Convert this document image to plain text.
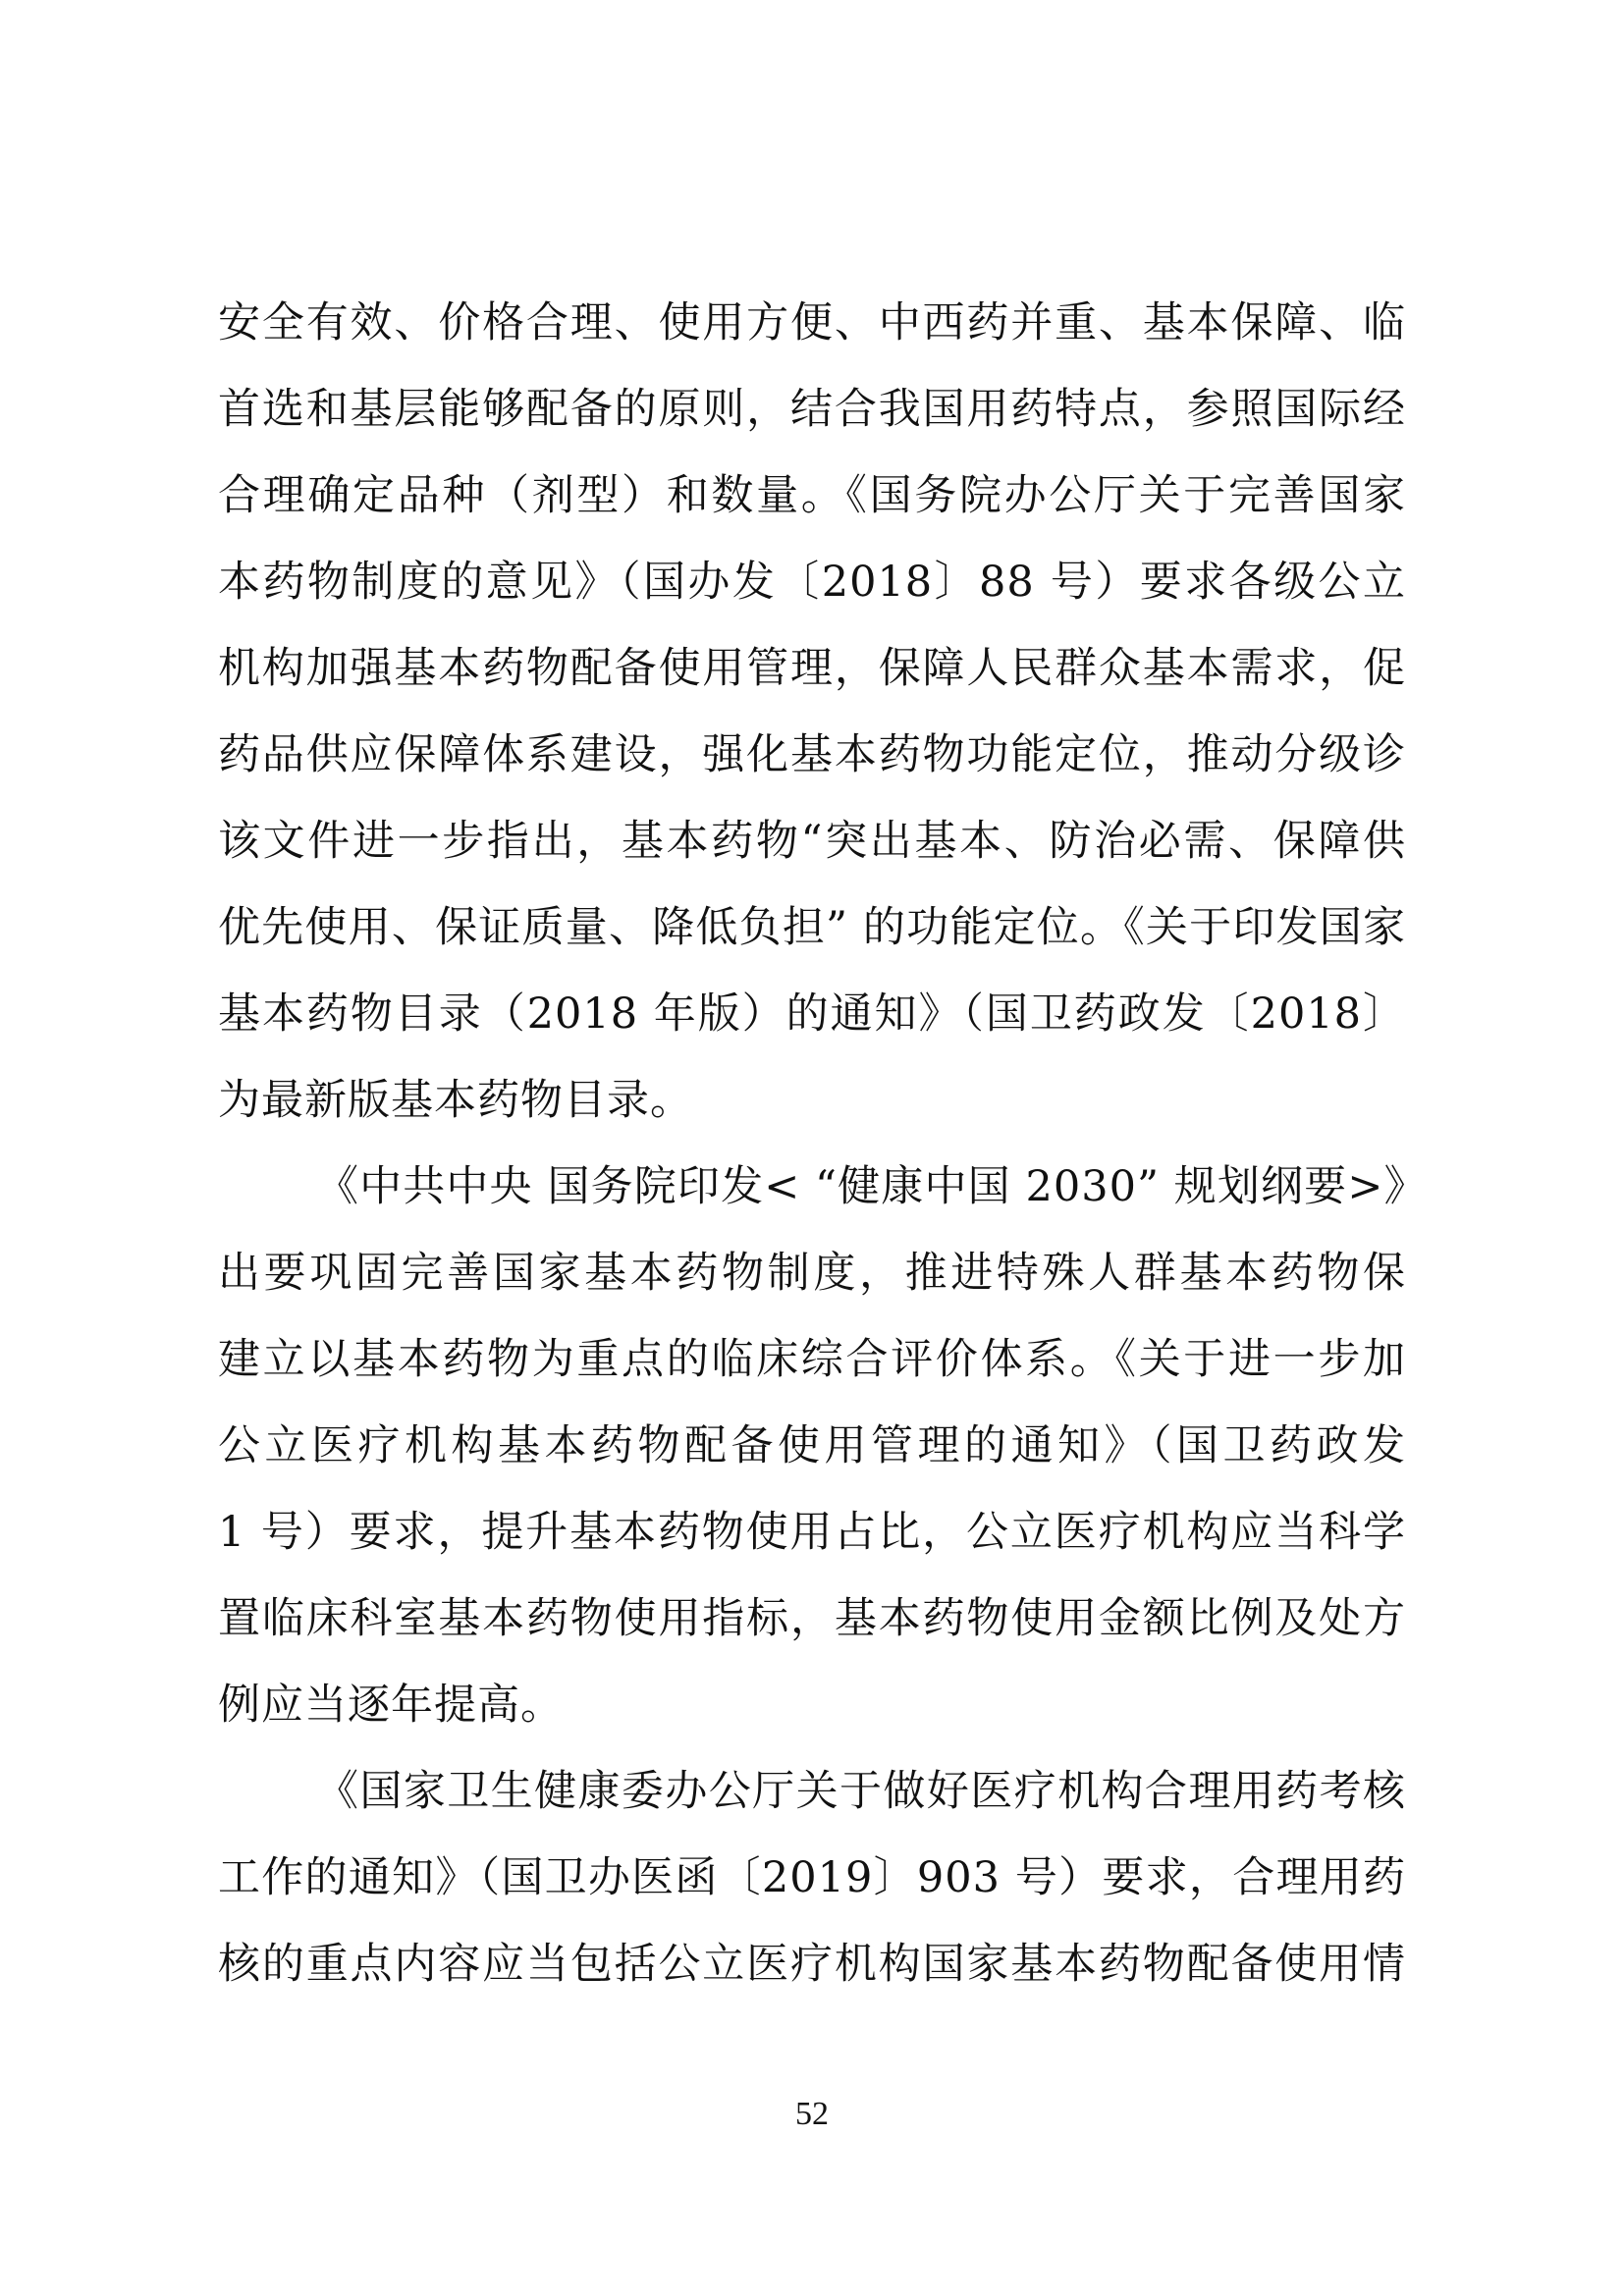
安全有效、价格合理、使用方便、中西药并重、基本保障、临
首选和基层能够配备的原则，结合我国用药特点，参照国际经
合理确定品种（剂型）和数量。《国务院办公厅关于完善国家
本药物制度的意见》（国办发〔2018〕88 号）要求各级公立
机构加强基本药物配备使用管理，保障人民群众基本需求，促
药品供应保障体系建设，强化基本药物功能定位，推动分级诊
该文件进一步指出，基本药物“突出基本、防治必需、保障供
优先使用、保证质量、降低负担” 的功能定位。《关于印发国家
基本药物目录（2018 年版）的通知》（国卫药政发〔2018〕
为最新版基本药物目录。
《中共中央 国务院印发< “健康中国 2030” 规划纲要>》
出要巩固完善国家基本药物制度，推进特殊人群基本药物保
建立以基本药物为重点的临床综合评价体系。《关于进一步加
公立医疗机构基本药物配备使用管理的通知》（国卫药政发
1 号）要求，提升基本药物使用占比，公立医疗机构应当科学
置临床科室基本药物使用指标，基本药物使用金额比例及处方
例应当逐年提高。
《国家卫生健康委办公厅关于做好医疗机构合理用药考核
工作的通知》（国卫办医函〔2019〕903 号）要求，合理用药
核的重点内容应当包括公立医疗机构国家基本药物配备使用情
52
